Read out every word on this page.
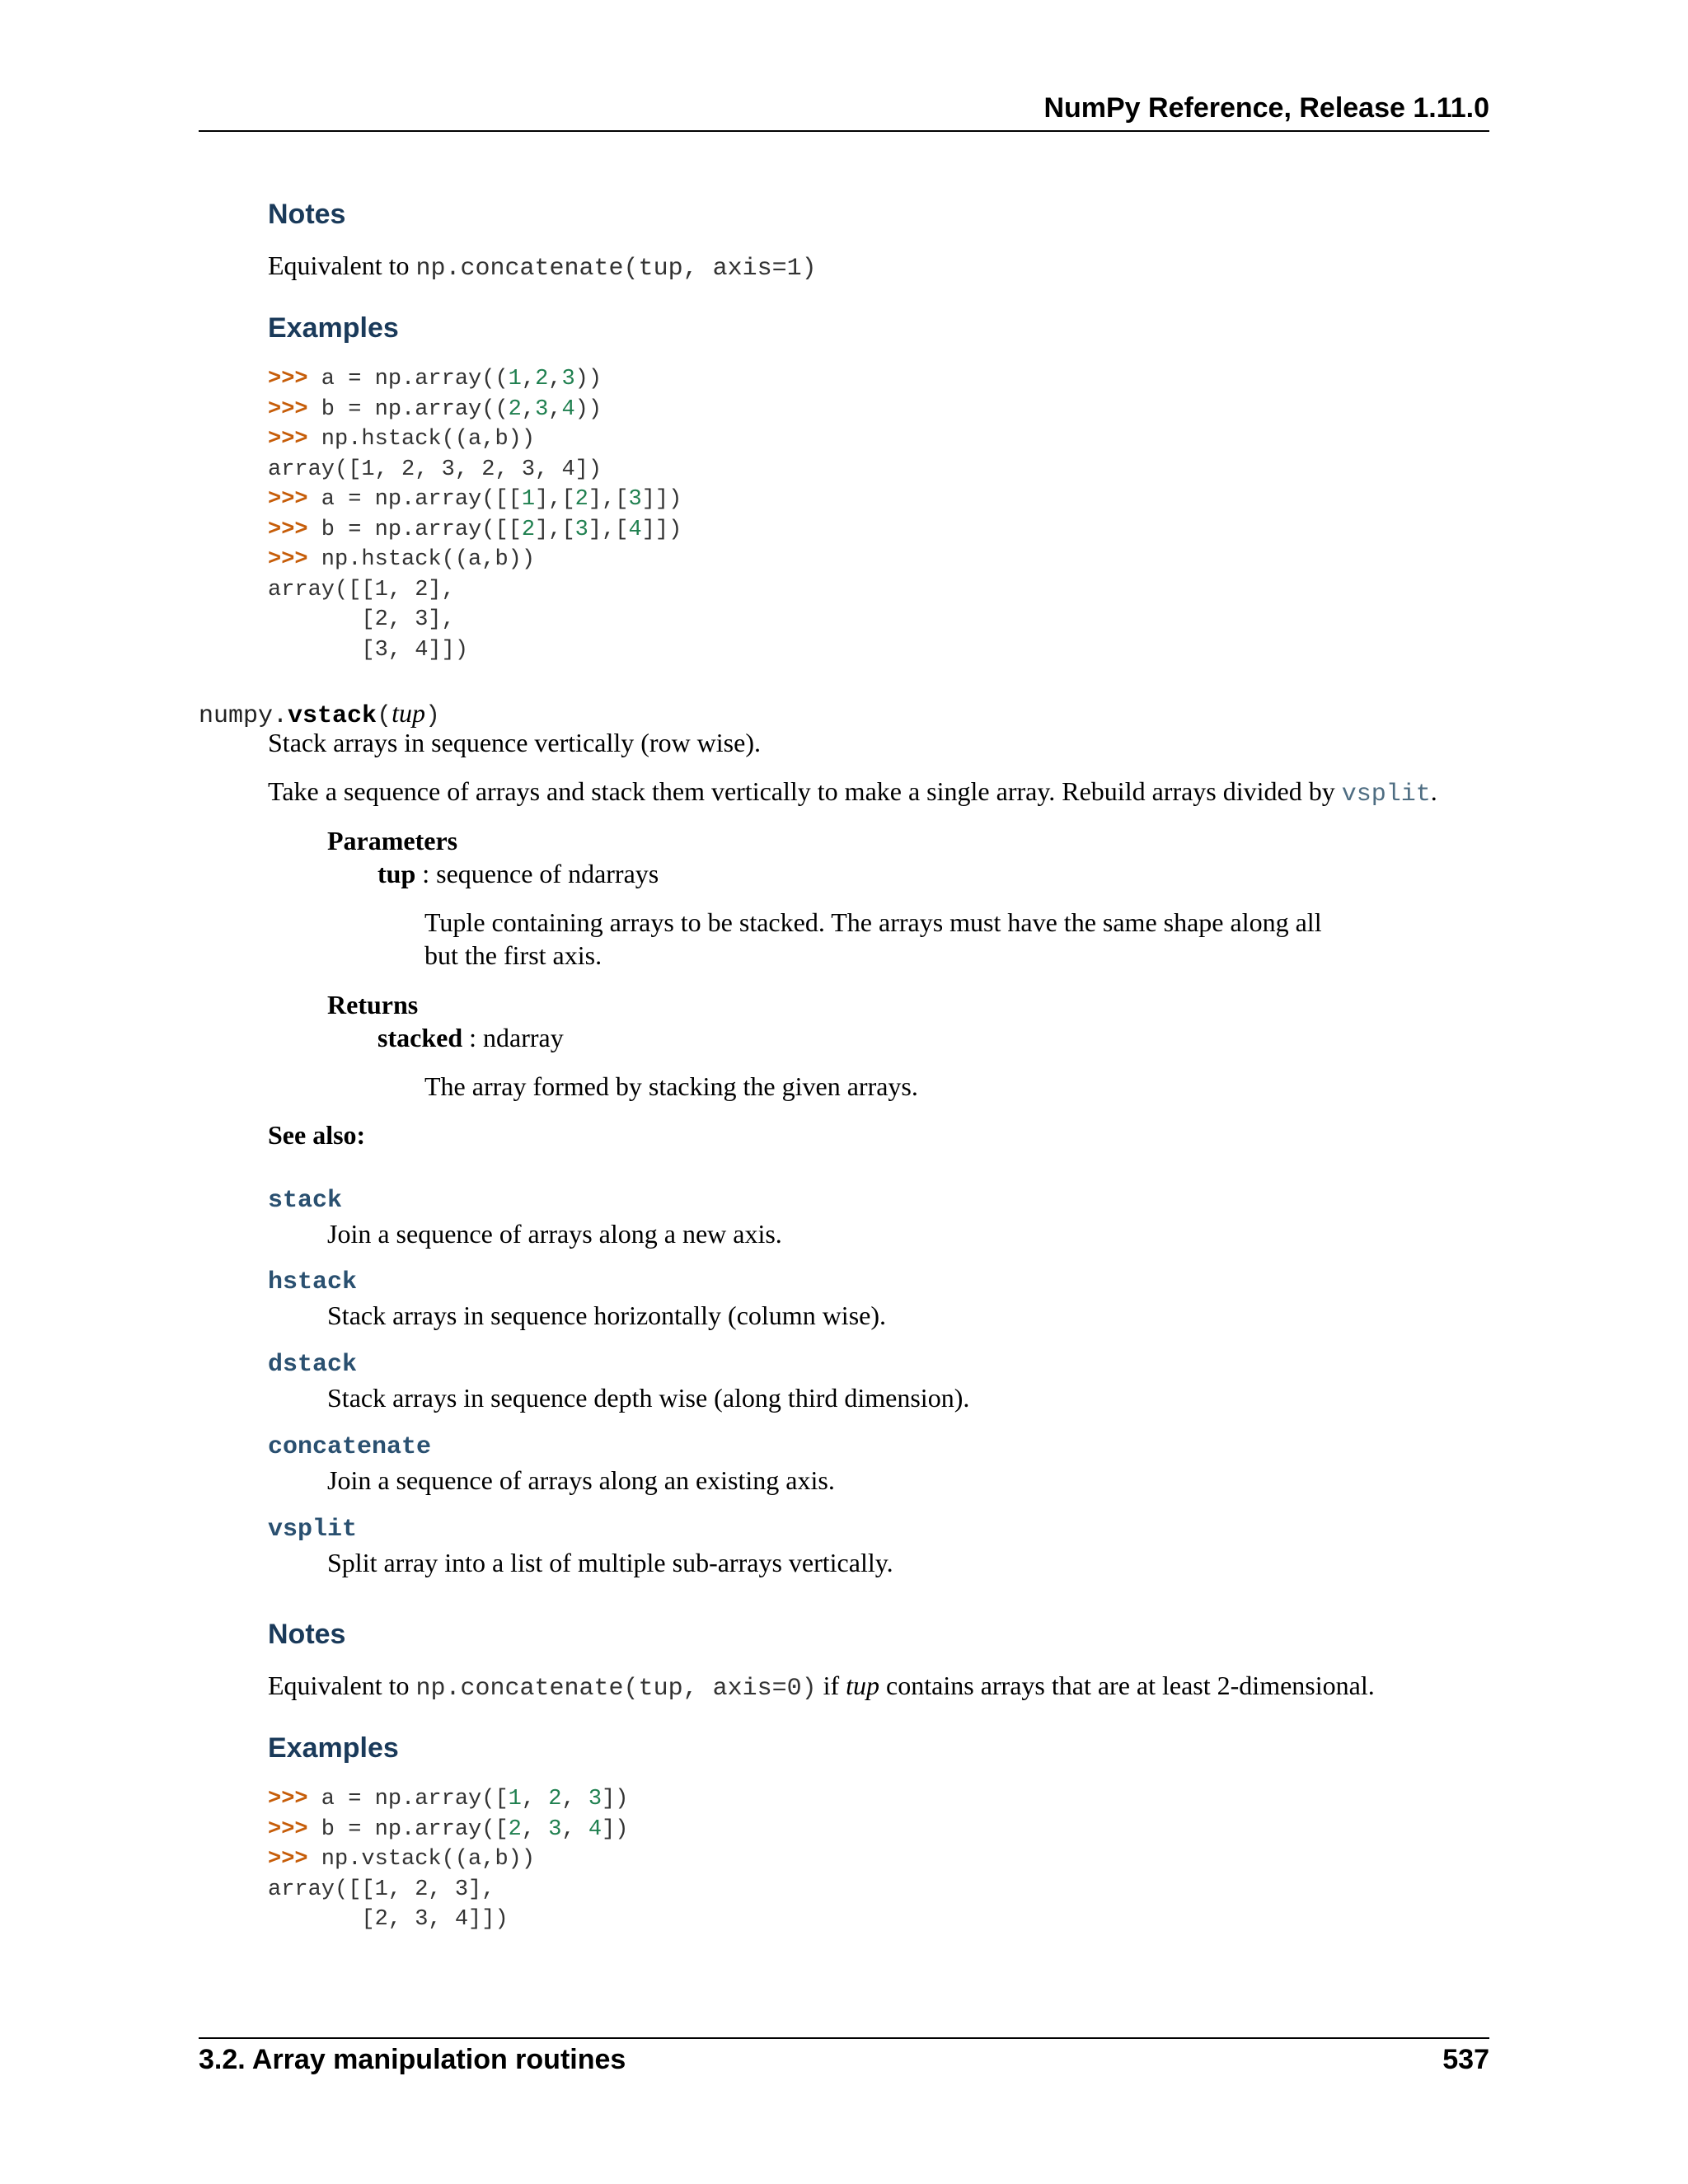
NumPy Reference, Release 1.11.0
Notes
Equivalent to np.concatenate(tup, axis=1)
Examples
>>> a = np.array((1,2,3))
>>> b = np.array((2,3,4))
>>> np.hstack((a,b))
array([1, 2, 3, 2, 3, 4])
>>> a = np.array([[1],[2],[3]])
>>> b = np.array([[2],[3],[4]])
>>> np.hstack((a,b))
array([[1, 2],
[2, 3],
[3, 4]])
numpy.vstack(tup)
Stack arrays in sequence vertically (row wise).
Take a sequence of arrays and stack them vertically to make a single array. Rebuild arrays divided by vsplit.
Parameters
tup : sequence of ndarrays
Tuple containing arrays to be stacked. The arrays must have the same shape along all
but the first axis.
Returns
stacked : ndarray
The array formed by stacking the given arrays.
See also:
stack
Join a sequence of arrays along a new axis.
hstack
Stack arrays in sequence horizontally (column wise).
dstack
Stack arrays in sequence depth wise (along third dimension).
concatenate
Join a sequence of arrays along an existing axis.
vsplit
Split array into a list of multiple sub-arrays vertically.
Notes
Equivalent to np.concatenate(tup, axis=0) if tup contains arrays that are at least 2-dimensional.
Examples
>>> a = np.array([1, 2, 3])
>>> b = np.array([2, 3, 4])
>>> np.vstack((a,b))
array([[1, 2, 3],
[2, 3, 4]])
3.2. Array manipulation routines	537
